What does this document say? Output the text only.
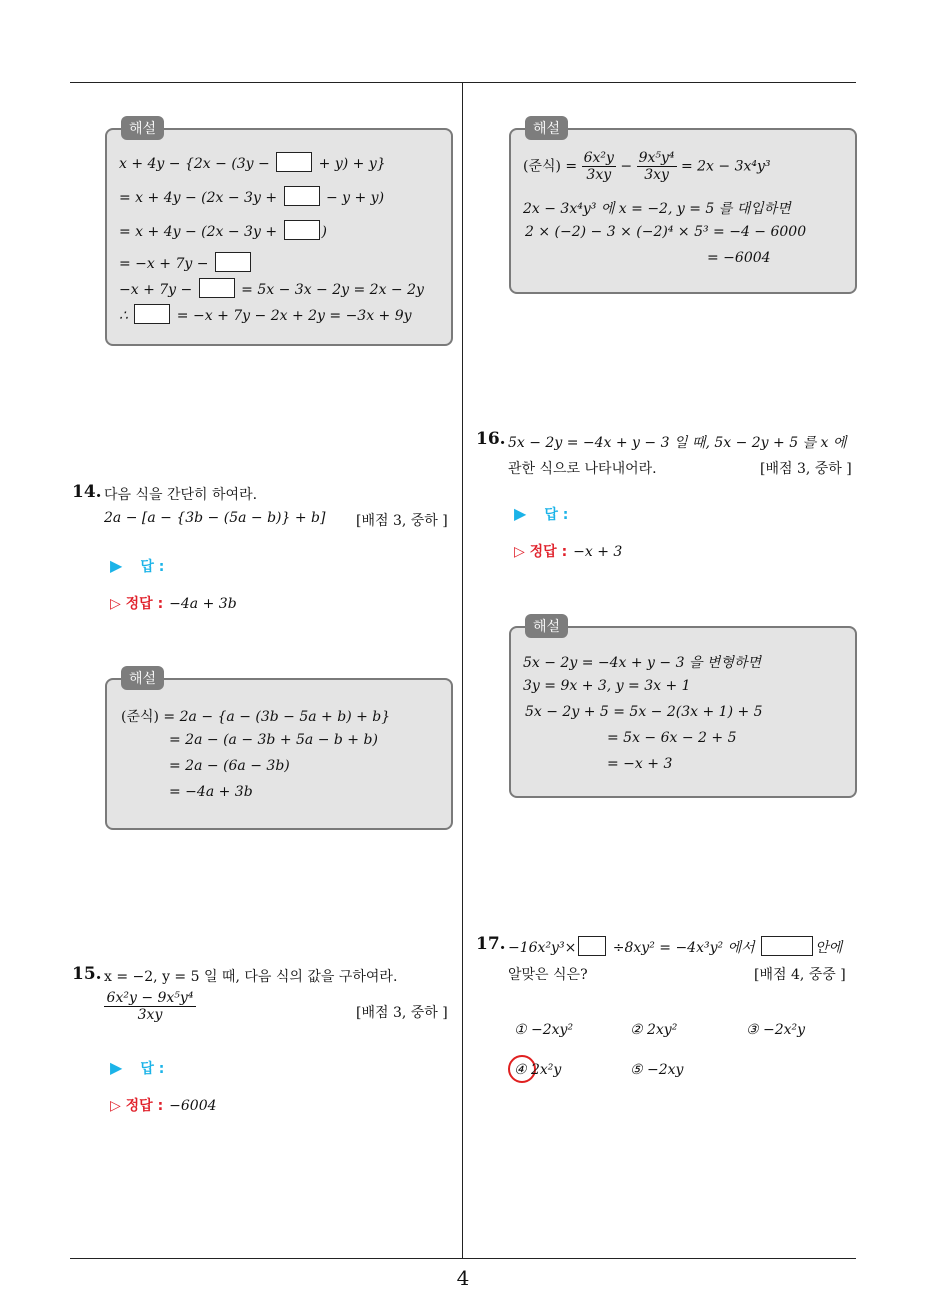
해설
x + 4y − {2x − (3y −	+ y) + y}
= x + 4y − (2x − 3y +	− y + y)
= x + 4y − (2x − 3y +	)
= −x + 7y −
−x + 7y −	= 5x − 3x − 2y = 2x − 2y
∴	= −x + 7y − 2x + 2y = −3x + 9y
14. 다음 식을 간단히 하여라.
2a − [a − {3b − (5a − b)} + b] [배점 3, 중하 ]
▶ 답 :
▷ 정답 : −4a + 3b
해설
(준식) = 2a − {a − (3b − 5a + b) + b}
= 2a − (a − 3b + 5a − b + b)
= 2a − (6a − 3b)
= −4a + 3b
15. x = −2, y = 5 일 때, 다음 식의 값을 구하여라.
$\frac{\text{6x²y − 9x⁵y⁴}}{3xy}$	[배점 3, 중하 ]
▶ 답 :
▷ 정답 : −6004
해설
(준식) = $\frac{\text{6x²y}}{3xy} - \frac{\text{9x⁵y⁴}}{3xy} = 2x - 3x^4y^3$
2x − 3x⁴y³ 에 x = −2, y = 5 를 대입하면
2 × (−2) − 3 × (−2)⁴ × 5³ = −4 − 6000
= −6004
16. 5x − 2y = −4x + y − 3 일 때, 5x − 2y + 5 를 x 에
관한 식으로 나타내어라.	[배점 3, 중하 ]
▶ 답 :
▷ 정답 : −x + 3
해설
5x − 2y = −4x + y − 3 을 변형하면
3y = 9x + 3, y = 3x + 1
5x − 2y + 5 = 5x − 2(3x + 1) + 5
= 5x − 6x − 2 + 5
= −x + 3
17. −16x²y³× ÷8xy² = −4x³y² 에서	안에
알맞은 식은?	[배점 4, 중중 ]
① −2xy²	② 2xy²	③ −2x²y
④ 2x²y	⑤ −2xy
4
